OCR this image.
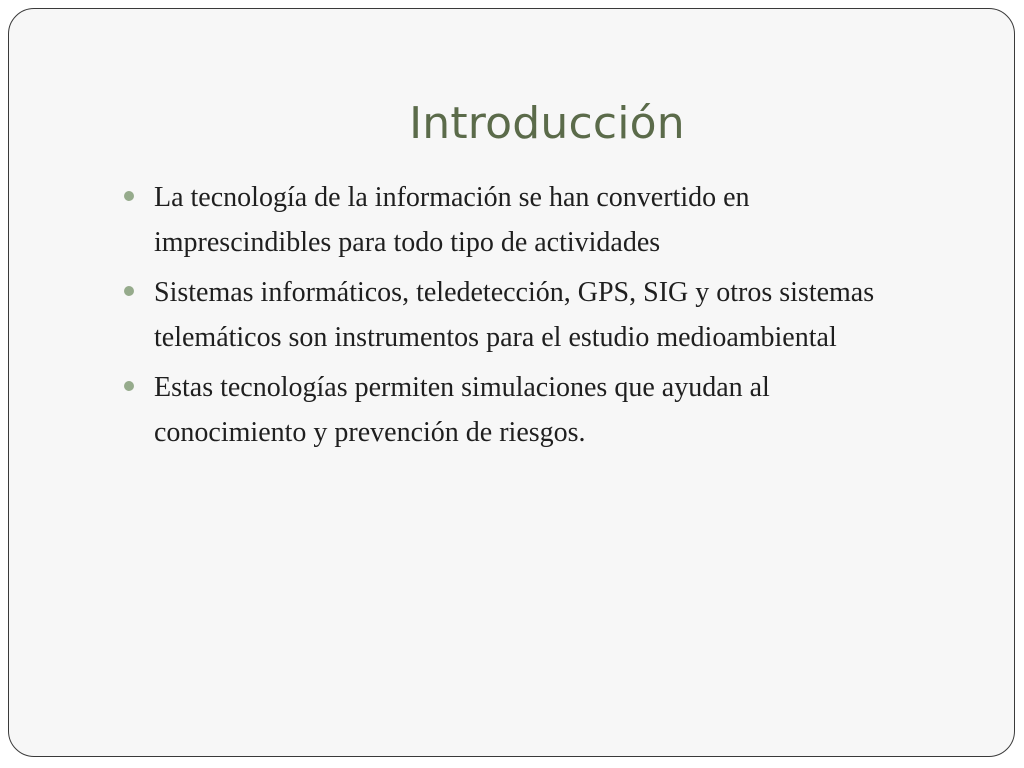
Introducción
La tecnología de la información se han convertido en imprescindibles para todo tipo de actividades
Sistemas informáticos, teledetección, GPS, SIG y otros sistemas telemáticos son instrumentos para el estudio medioambiental
Estas tecnologías permiten simulaciones que ayudan al conocimiento y prevención de riesgos.
